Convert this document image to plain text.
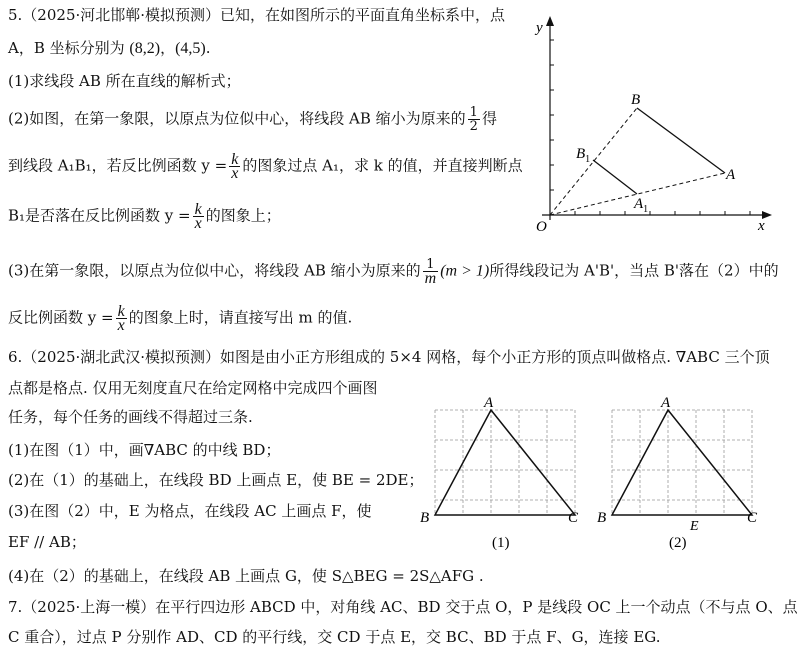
5.（2025·河北邯郸·模拟预测）已知，在如图所示的平面直角坐标系中，点
A，B 坐标分别为 (8,2)，(4,5).
(1)求线段 AB 所在直线的解析式；
(2)如图，在第一象限，以原点为位似中心，将线段 AB 缩小为原来的 $\frac{1}{2}$ 得
到线段 A₁B₁，若反比例函数 $y = \frac{k}{x}$ 的图象过点 A₁，求 k 的值，并直接判断点
B₁是否落在反比例函数 $y = \frac{k}{x}$ 的图象上；
(3)在第一象限，以原点为位似中心，将线段 AB 缩小为原来的 $\frac{1}{m} (m > 1)$所得线段记为 A'B'，当点 B'落在（2）中的
反比例函数 $y = \frac{k}{x}$ 的图象上时，请直接写出 m 的值.
6.（2025·湖北武汉·模拟预测）如图是由小正方形组成的 5×4 网格，每个小正方形的顶点叫做格点. ∇ABC 三个顶
点都是格点. 仅用无刻度直尺在给定网格中完成四个画图
任务，每个任务的画线不得超过三条.
(1)在图（1）中，画∇ABC 的中线 BD；
(2)在（1）的基础上，在线段 BD 上画点 E，使 BE = 2DE；
(3)在图（2）中，E 为格点，在线段 AC 上画点 F，使
EF // AB；
(4)在（2）的基础上，在线段 AB 上画点 G，使 S△BEG = 2S△AFG .
7.（2025·上海一模）在平行四边形 ABCD 中，对角线 AC、BD 交于点 O，P 是线段 OC 上一个动点（不与点 O、点
C 重合），过点 P 分别作 AD、CD 的平行线，交 CD 于点 E，交 BC、BD 于点 F、G，连接 EG.
y
x
O
B
A
$B_1$
$A_1$
A
B	C
(1)
A
B	C
E
(2)
